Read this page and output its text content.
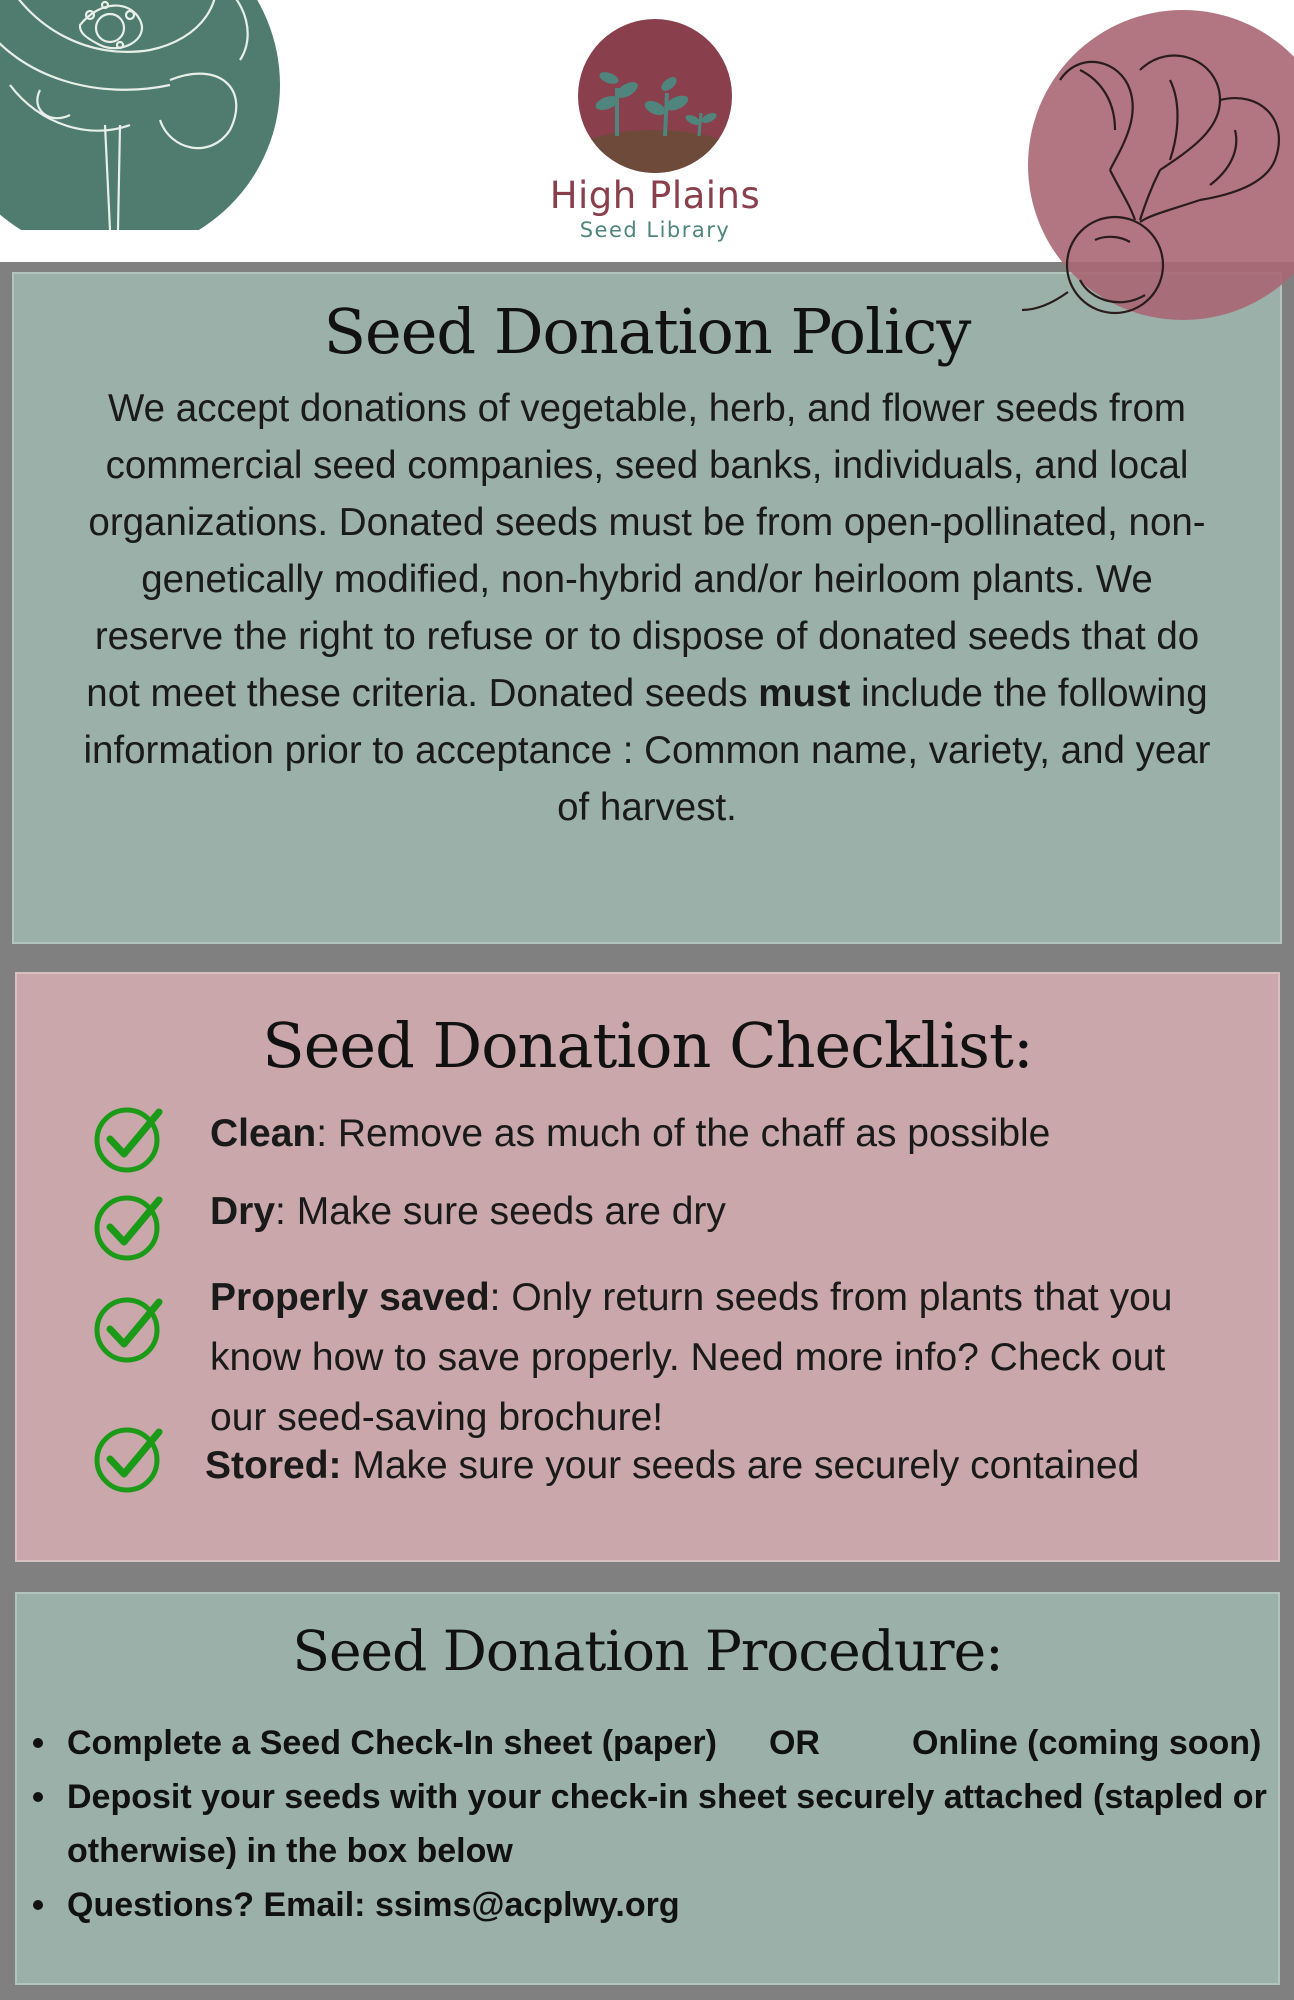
High Plains
Seed Library
Seed Donation Policy

We accept donations of vegetable, herb, and flower seeds from commercial seed companies, seed banks, individuals, and local organizations. Donated seeds must be from open-pollinated, non-genetically modified, non-hybrid and/or heirloom plants. We reserve the right to refuse or to dispose of donated seeds that do not meet these criteria. Donated seeds must include the following information prior to acceptance : Common name, variety, and year of harvest.

Seed Donation Checklist:
Clean: Remove as much of the chaff as possible
Dry: Make sure seeds are dry
Properly saved: Only return seeds from plants that you know how to save properly. Need more info? Check out our seed-saving brochure!
Stored: Make sure your seeds are securely contained
Seed Donation Procedure:
Complete a Seed Check-In sheet (paper) OR	Online (coming soon)
Deposit your seeds with your check-in sheet securely attached (stapled or otherwise) in the box below
Questions? Email: ssims@acplwy.org
